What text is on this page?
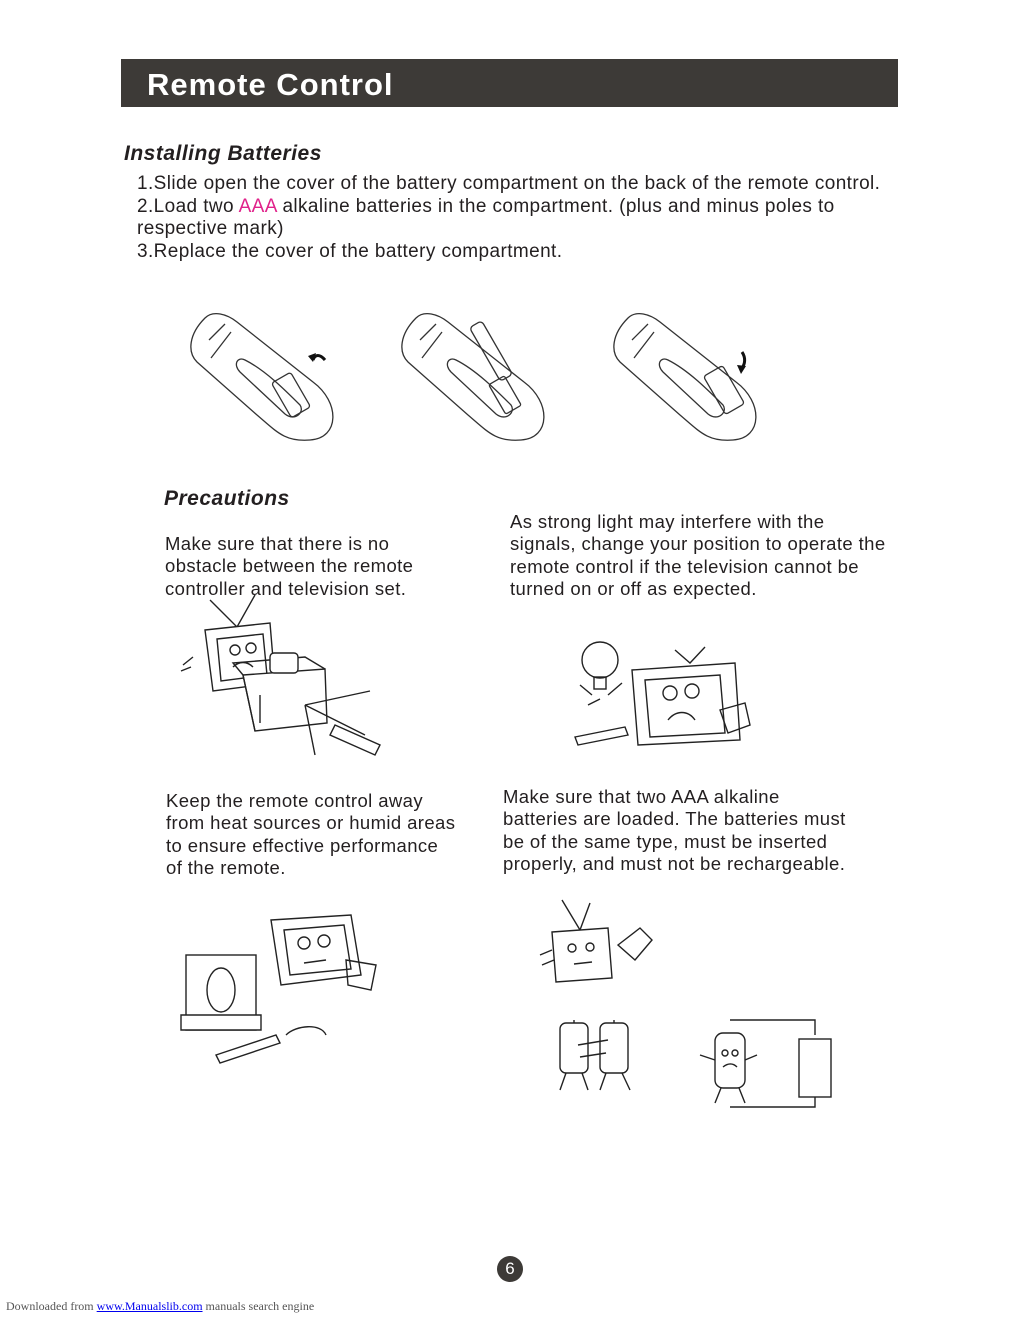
Remote Control
Installing Batteries

1.Slide open the cover of the battery compartment on the back of the remote control.

2.Load two AAA alkaline batteries in the compartment. (plus and minus poles to respective mark)

3.Replace the cover of the battery compartment.

Precautions

Make sure that there is no obstacle between the remote controller and television set.

As strong light may interfere with the signals, change your position to operate the remote control if the television cannot be turned on or off as expected.

Keep the remote control away from heat sources or humid areas to ensure effective performance of the remote.

Make sure that two AAA alkaline batteries are loaded. The batteries must be of the same type, must be inserted properly, and must not be rechargeable.

6
Downloaded from www.Manualslib.com manuals search engine
